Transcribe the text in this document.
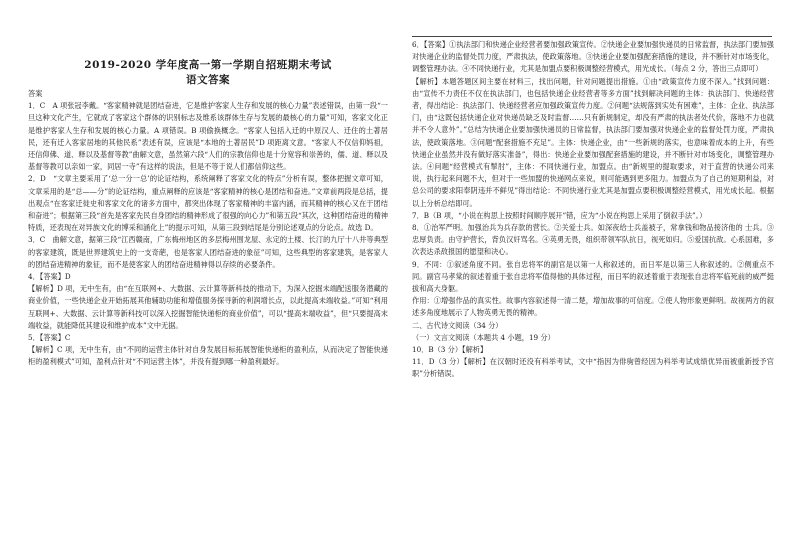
2019-2020 学年度高一第一学期自招班期末考试
语文答案

答案

1．C　A 项张冠李戴。“客家精神就是团结奋进，它是维护客家人生存和发展的核心力量”表述错误，由第一段“一旦这种文化产生，它就成了客家这个群体的识别标志及维系该群体生存与发展的最核心的力量”可知，客家文化正是维护客家人生存和发展的核心力量。A 项错误。B 项偷换概念。“客家人包括入迁的中原汉人、迁住的土著居民，还有迁入客家居地的其他民系”表述有误，应该是“本地的土著居民”D 项距离文意。“客家人不仅信仰妈祖，还信仰佛、道、释以及基督等教”曲解文意，虽然第六段“人们的宗教信仰也是十分宽容和崇善的，儒、道、释以及基督等教可以亲如一家，同居一寺”有这样的说法，但是不等于说人们都信仰这些。

2．D　“文章主要采用了‘总一分一总’的论证结构，系统阐释了客家文化的特点”分析有误，整体把握文章可知，文章采用的是“总——分”的论证结构，重点阐释的应该是“客家精神的核心是团结和奋进。”文章前两段是总括，提出观点“在客家迁徙史和客家文化的诸多方面中，都突出体现了客家精神的丰富内涵，而其精神的核心又在于团结和奋进”；根据第三段“首先是客家先民自身团结的精神形成了很强的向心力”和第五段“其次，这种团结奋进的精神特质，还表现在对异族文化的博采和涵化上”的提示可知，从第三段到结尾是分别论述观点的分论点。故选 D。

3．C　曲解文意，据第三段“江西赣南，广东梅州地区的多层梅州围龙屋、永定的土楼、长汀的九厅十八井等典型的客家建筑，既是世界建筑史上的一支奇葩，也是客家人团结奋进的象征”可知，这些典型的客家建筑，是客家人的团结奋进精神的象征，而不是使客家人的团结奋进精神得以存续的必要条件。

4．【答案】D

【解析】D 项，无中生有，由“在互联网+、大数据、云计算等新科技的推动下，为深入挖掘未端配送服务潜藏的商业价值，一些快递企业开始拓展其他辅助功能和增值服务探寻新的利润增长点，以此提高未端收益。”可知“利用互联网+、大数据、云计算等新科技可以深入挖掘智能快递柜的商业价值”，可以“提高末端收益”，但“只要提高末端收益，就能降低其建设和维护成本”文中无据。

5．【答案】C

【解析】C 项，无中生有，由“不同的运营主体针对自身发展目标拓展智能快递柜的盈利点，从而决定了智能快递柜的盈利模式”可知，盈利点针对“不同运营主体”，并没有提到哪一种盈利最好。

6．【答案】①执法部门和快递企业经营者要加强政策宣传。②快递企业要加强快递员的日常监督，执法部门要加强对快递企业的监督处罚力度，严肃执法，使政策落地。③快递企业要加强配套措施的建设，并不断针对市场变化，调整管理办法。④不同快递行业，尤其是加盟点要积极调整经营模式，用光成长。（每点 2 分，答出三点即可）

【解析】本题答题区间主要在材料三，找出问题，针对问题提出措施。①由“政策宣传力度不深入。”找到问题：由“宣传不力责任不仅在执法部门，也包括快递企业经营者等多方面”找到解决问题的主体：执法部门、快递经营者，得出结论：执法部门、快递经营者应加强政策宣传力度。②问题“法规落到实处有困难”，主体：企业、执法部门，由“这既包括快递企业对快递员缺乏及时监督……只有新规制定，却没有严肃的执法者处代价，落地不力也就并不令人意外”。”总结为快递企业要加强快递员的日常监督，执法部门要加强对快递企业的监督处罚力度，严肃执法，使政策落地。③问题“配套措施不充足”。主体：快递企业，由“一些新规的落实，也意味着成本的上升，有些快递企业虽然并没有做好落实准备”，得出：快递企业要加强配套措施的建设，并不断针对市场变化，调整管理办法。④问题“经营模式有掣肘”，主体：不同快递行业，加盟点。由“新规里的提取要求，对于直营的快递公司来说，执行起来问题不大，但对于一些加盟的快递网点来说，则可能遇到更多阻力。加盟点为了自己的短期利益，对总公司的要求阳奉阴违并不鲜见”得出结论：不同快递行业尤其是加盟点要积极调整经营模式，用光成长起。根据以上分析总结即可。

7．B（B 项，“小说在构思上按照时间顺序展开”错，应为“小说在构思上采用了倒叙手法”。）

8．①治军严明。加强治兵为兵存款的营长。②关爱士兵。如深夜给士兵盖被子，常拿钱和物品接济他的 士兵。③忠厚负责。由守护营长，背负汉奸骂名。④英勇无畏，组织带领军队抗日，视死如归。⑤爱国抗敌。心系国难，多次表达杀敌报国的愿望和决心。

9．不同：①叙述角度不同。张自忠将军的副官是以第一人称叙述的，而日军是以第三人称叙述的。②侧重点不同。副官马孝棠的叙述着重于张自忠将军值得他的具体过程，而日军的叙述着重于表现张自忠将军临死前的威严挺拔和高大身躯。

作用：①增强作品的真实性。故事内容叙述得一清二楚，增加故事的可信度。②使人物形象更鲜明。故视两方的叙述多角度地展示了人物英勇无畏的精神。

二、古代诗文阅读（34 分）

（一）文言文阅读（本题共 4 小题，19 分）

10．B（3 分）【解析】

11．D（3 分）【解析】在汉朝时还没有科举考试，文中“指因为俳驹曾经因为科举考试成绩优异而被重新授予官职”分析错误。
